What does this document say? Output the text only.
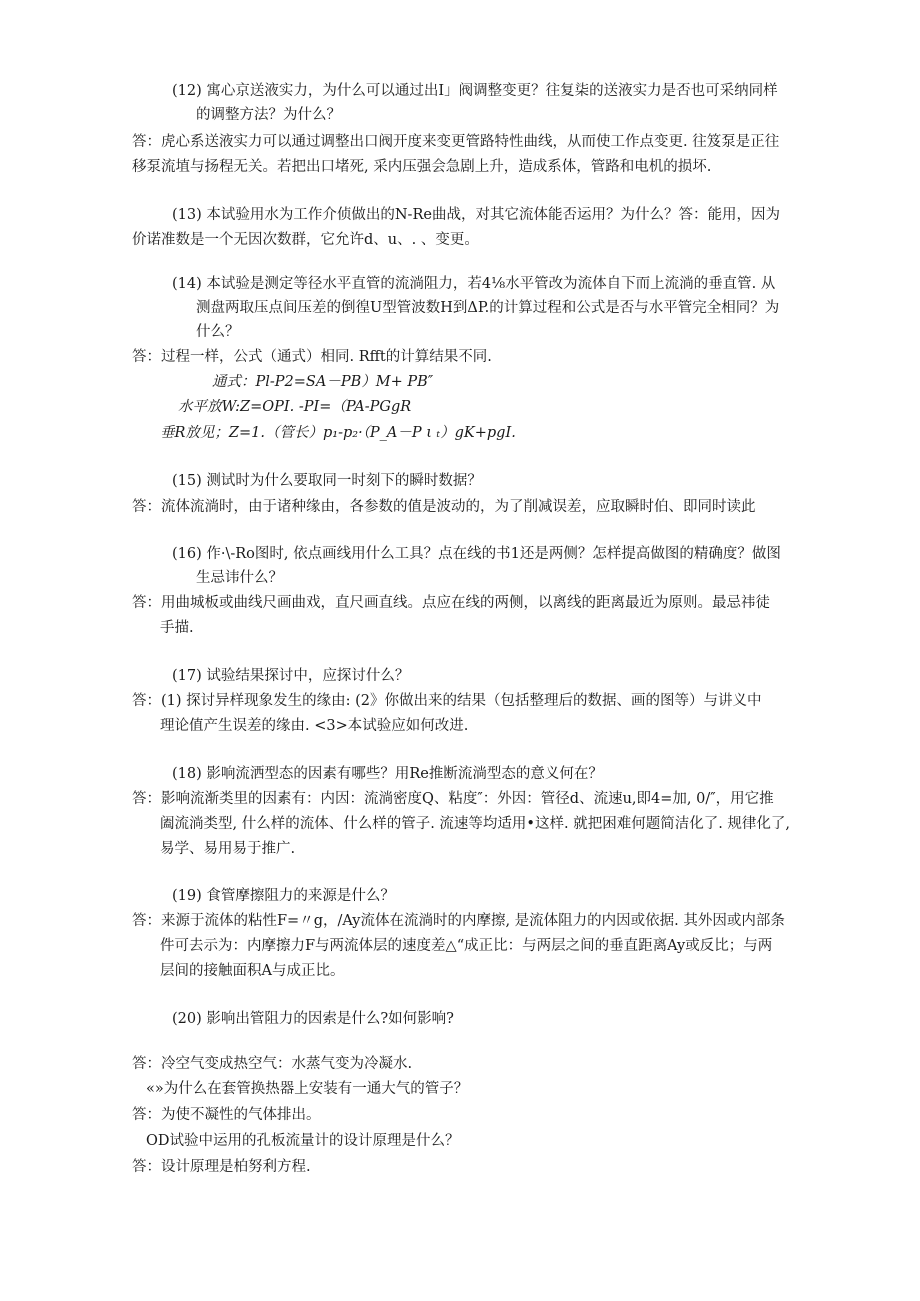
(12) 寓心京送液实力，为什么可以通过出I」阀调整变更？往复柒的送液实力是否也可采纳同样
的调整方法？为什么？
答：虎心系送液实力可以通过调整出口阀开度来变更管路特性曲线，从而使工作点变更. 往笈泵是正往
移泵流埴与扬程无关。若把出口堵死, 采内压强会急剧上升，造成系体，管路和电机的损坏.
(13) 本试验用水为工作介侦做出的N-Re曲战，对其它流体能否运用？为什么？答：能用，因为
价诺准数是一个无因次数群，它允许d、u、. 、变更。
(14) 本试验是测定等径水平直管的流淌阻力，若4⅛水平管改为流体自下而上流淌的垂直管. 从
测盘两取压点间压差的倒徨U型管波数H到ΔP.的计算过程和公式是否与水平管完全相同？为
什么？
答：过程一样，公式（通式）相同. Rfft的计算结果不同.
通式：Pl-P2=SA－PB）M+ PB″
水平放W:Z=OPI. -PI=（PA-PGgR
垂R放见；Z=1.（管长）p₁-p₂·（P_A－P ι ₜ）gK+pgI.
(15) 测试时为什么要取同一时刻下的瞬时数据？
答：流体流淌时，由于诸种缘由，各参数的值是波动的，为了削减误差，应取瞬时伯、即同时读此
(16) 作·\-Ro图时, 依点画线用什么工具？点在线的书1还是两侧？怎样提高做图的精确度？做图
生忌讳什么？
答：用曲城板或曲线尺画曲戏，直尺画直线。点应在线的两侧，以离线的距离最近为原则。最忌祎徒
手描.
(17) 试验结果探讨中，应探讨什么？
答：(1) 探讨异样现象发生的缘由: (2》你做出来的结果（包括整理后的数据、画的图等）与讲义中
理论值产生误差的缘由. <3>本试验应如何改进.
(18) 影响流洒型态的因素有哪些？用Re推断流淌型态的意义何在？
答：影响流渐类里的因素有：内因：流淌密度Q、粘度″：外因：管径d、流速u,即4=加, 0/″，用它推
阖流淌类型, 什么样的流体、什么样的管子. 流速等均适用•这样. 就把困难何题简洁化了. 规律化了,
易学、易用易于推广.
(19) 食管摩擦阻力的来源是什么？
答：来源于流体的粘性F=〃g，/Ay流体在流淌时的内摩擦, 是流体阻力的内因或依据. 其外因或内部条
件可去示为：内摩擦力F与两流体层的速度差△“成正比：与两层之间的垂直距离Ay或反比；与两
层间的接触面积A与成正比。
(20) 影响出管阻力的因索是什么?如何影响?
答：冷空气变成热空气：水蒸气变为冷凝水.
«»为什么在套管换热器上安装有一通大气的管子？
答：为使不凝性的气体排出。
OD试验中运用的孔板流量计的设计原理是什么？
答：设计原理是柏努利方程.
